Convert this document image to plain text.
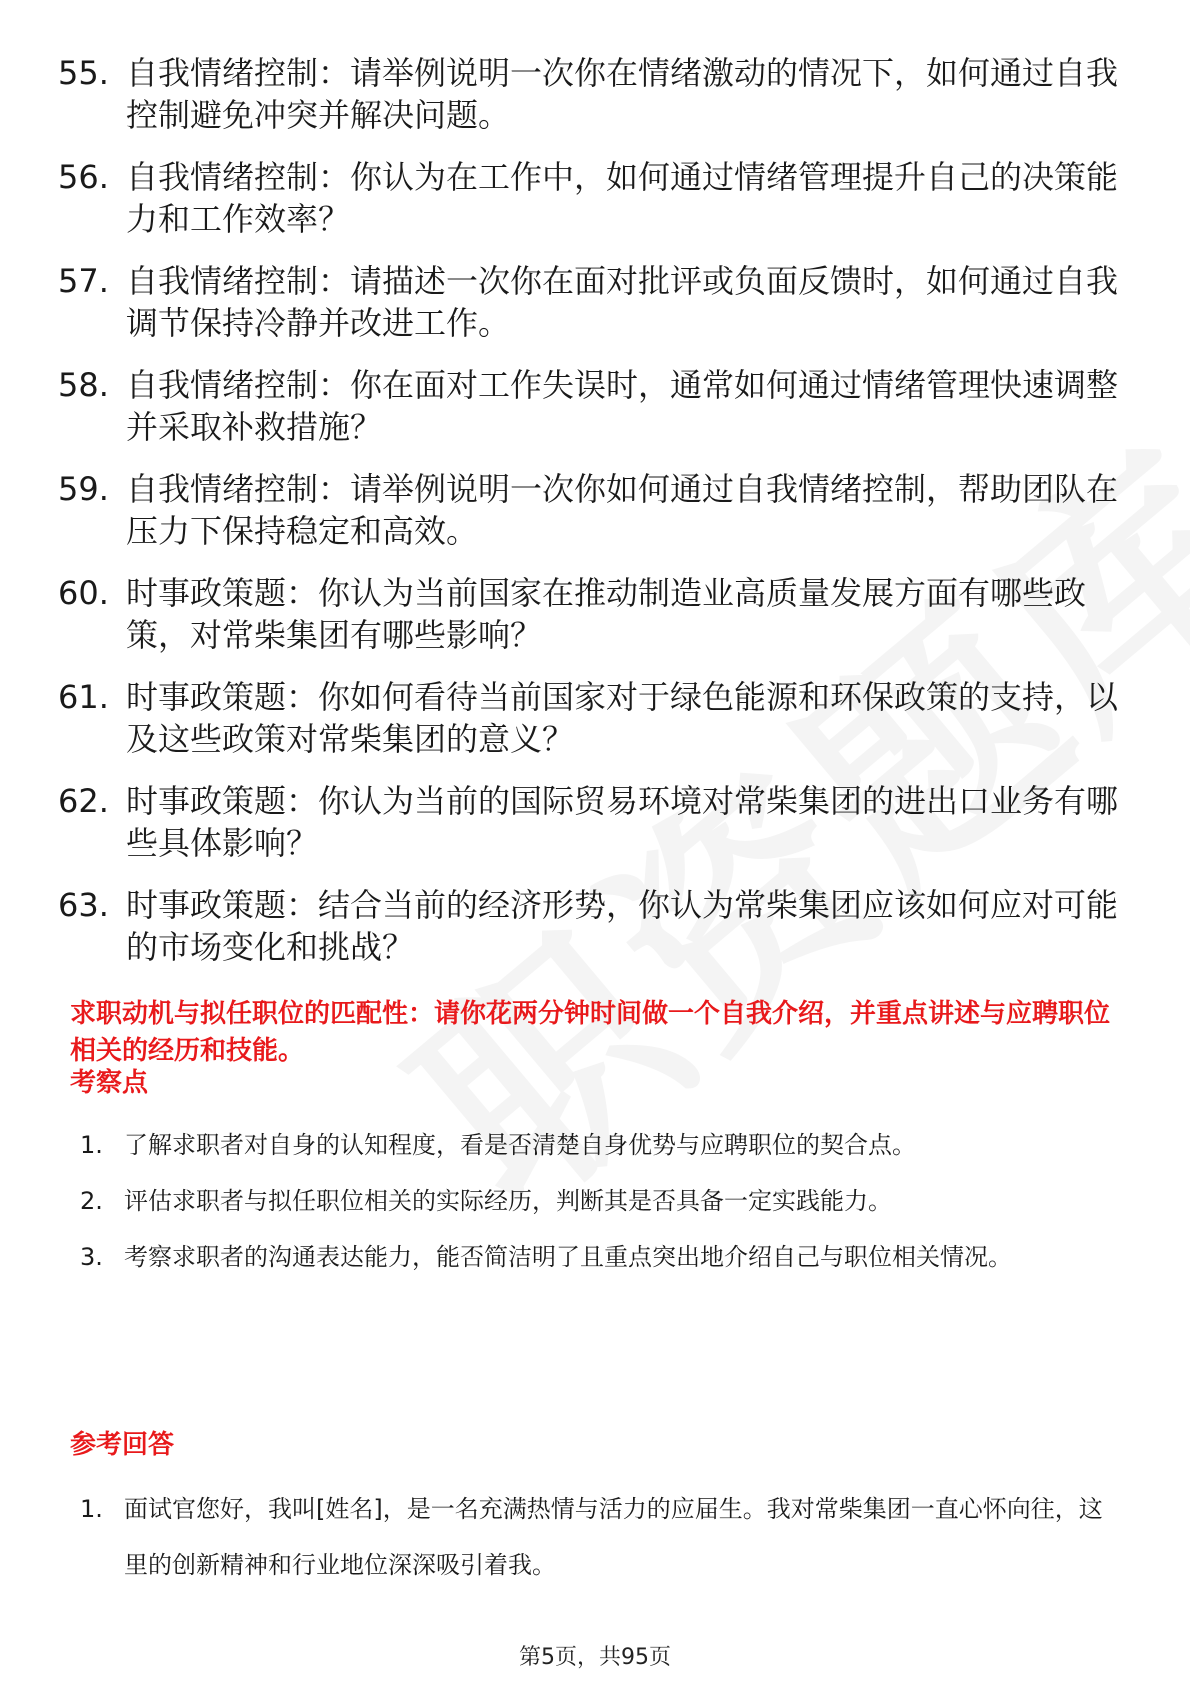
55. 自我情绪控制：请举例说明一次你在情绪激动的情况下，如何通过自我控制避免冲突并解决问题。
56. 自我情绪控制：你认为在工作中，如何通过情绪管理提升自己的决策能力和工作效率？
57. 自我情绪控制：请描述一次你在面对批评或负面反馈时，如何通过自我调节保持冷静并改进工作。
58. 自我情绪控制：你在面对工作失误时，通常如何通过情绪管理快速调整并采取补救措施？
59. 自我情绪控制：请举例说明一次你如何通过自我情绪控制，帮助团队在压力下保持稳定和高效。
60. 时事政策题：你认为当前国家在推动制造业高质量发展方面有哪些政策，对常柴集团有哪些影响？
61. 时事政策题：你如何看待当前国家对于绿色能源和环保政策的支持，以及这些政策对常柴集团的意义？
62. 时事政策题：你认为当前的国际贸易环境对常柴集团的进出口业务有哪些具体影响？
63. 时事政策题：结合当前的经济形势，你认为常柴集团应该如何应对可能的市场变化和挑战？
求职动机与拟任职位的匹配性：请你花两分钟时间做一个自我介绍，并重点讲述与应聘职位相关的经历和技能。
考察点
1. 了解求职者对自身的认知程度，看是否清楚自身优势与应聘职位的契合点。
2. 评估求职者与拟任职位相关的实际经历，判断其是否具备一定实践能力。
3. 考察求职者的沟通表达能力，能否简洁明了且重点突出地介绍自己与职位相关情况。
参考回答
1. 面试官您好，我叫[姓名]，是一名充满热情与活力的应届生。我对常柴集团一直心怀向往，这里的创新精神和行业地位深深吸引着我。
第5页，共95页
